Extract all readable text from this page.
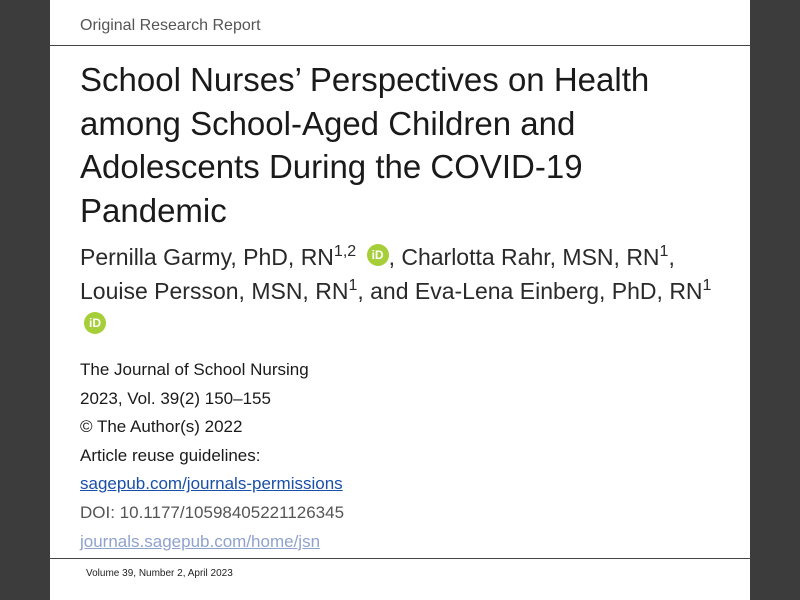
Original Research Report
School Nurses’ Perspectives on Health among School-Aged Children and Adolescents During the COVID-19 Pandemic
Pernilla Garmy, PhD, RN$^{1,2}$ iD , Charlotta Rahr, MSN, $RN^1$,
Louise Persson, MSN, $RN^1$, and Eva-Lena Einberg, PhD, $RN^1iD$
The Journal of School Nursing
2023, Vol. 39(2) 150–155
© The Author(s) 2022
Article reuse guidelines:
sagepub.com/journals-permissions
DOI: 10.1177/10598405221126345
journals.sagepub.com/home/jsn
Volume 39, Number 2, April 2023
